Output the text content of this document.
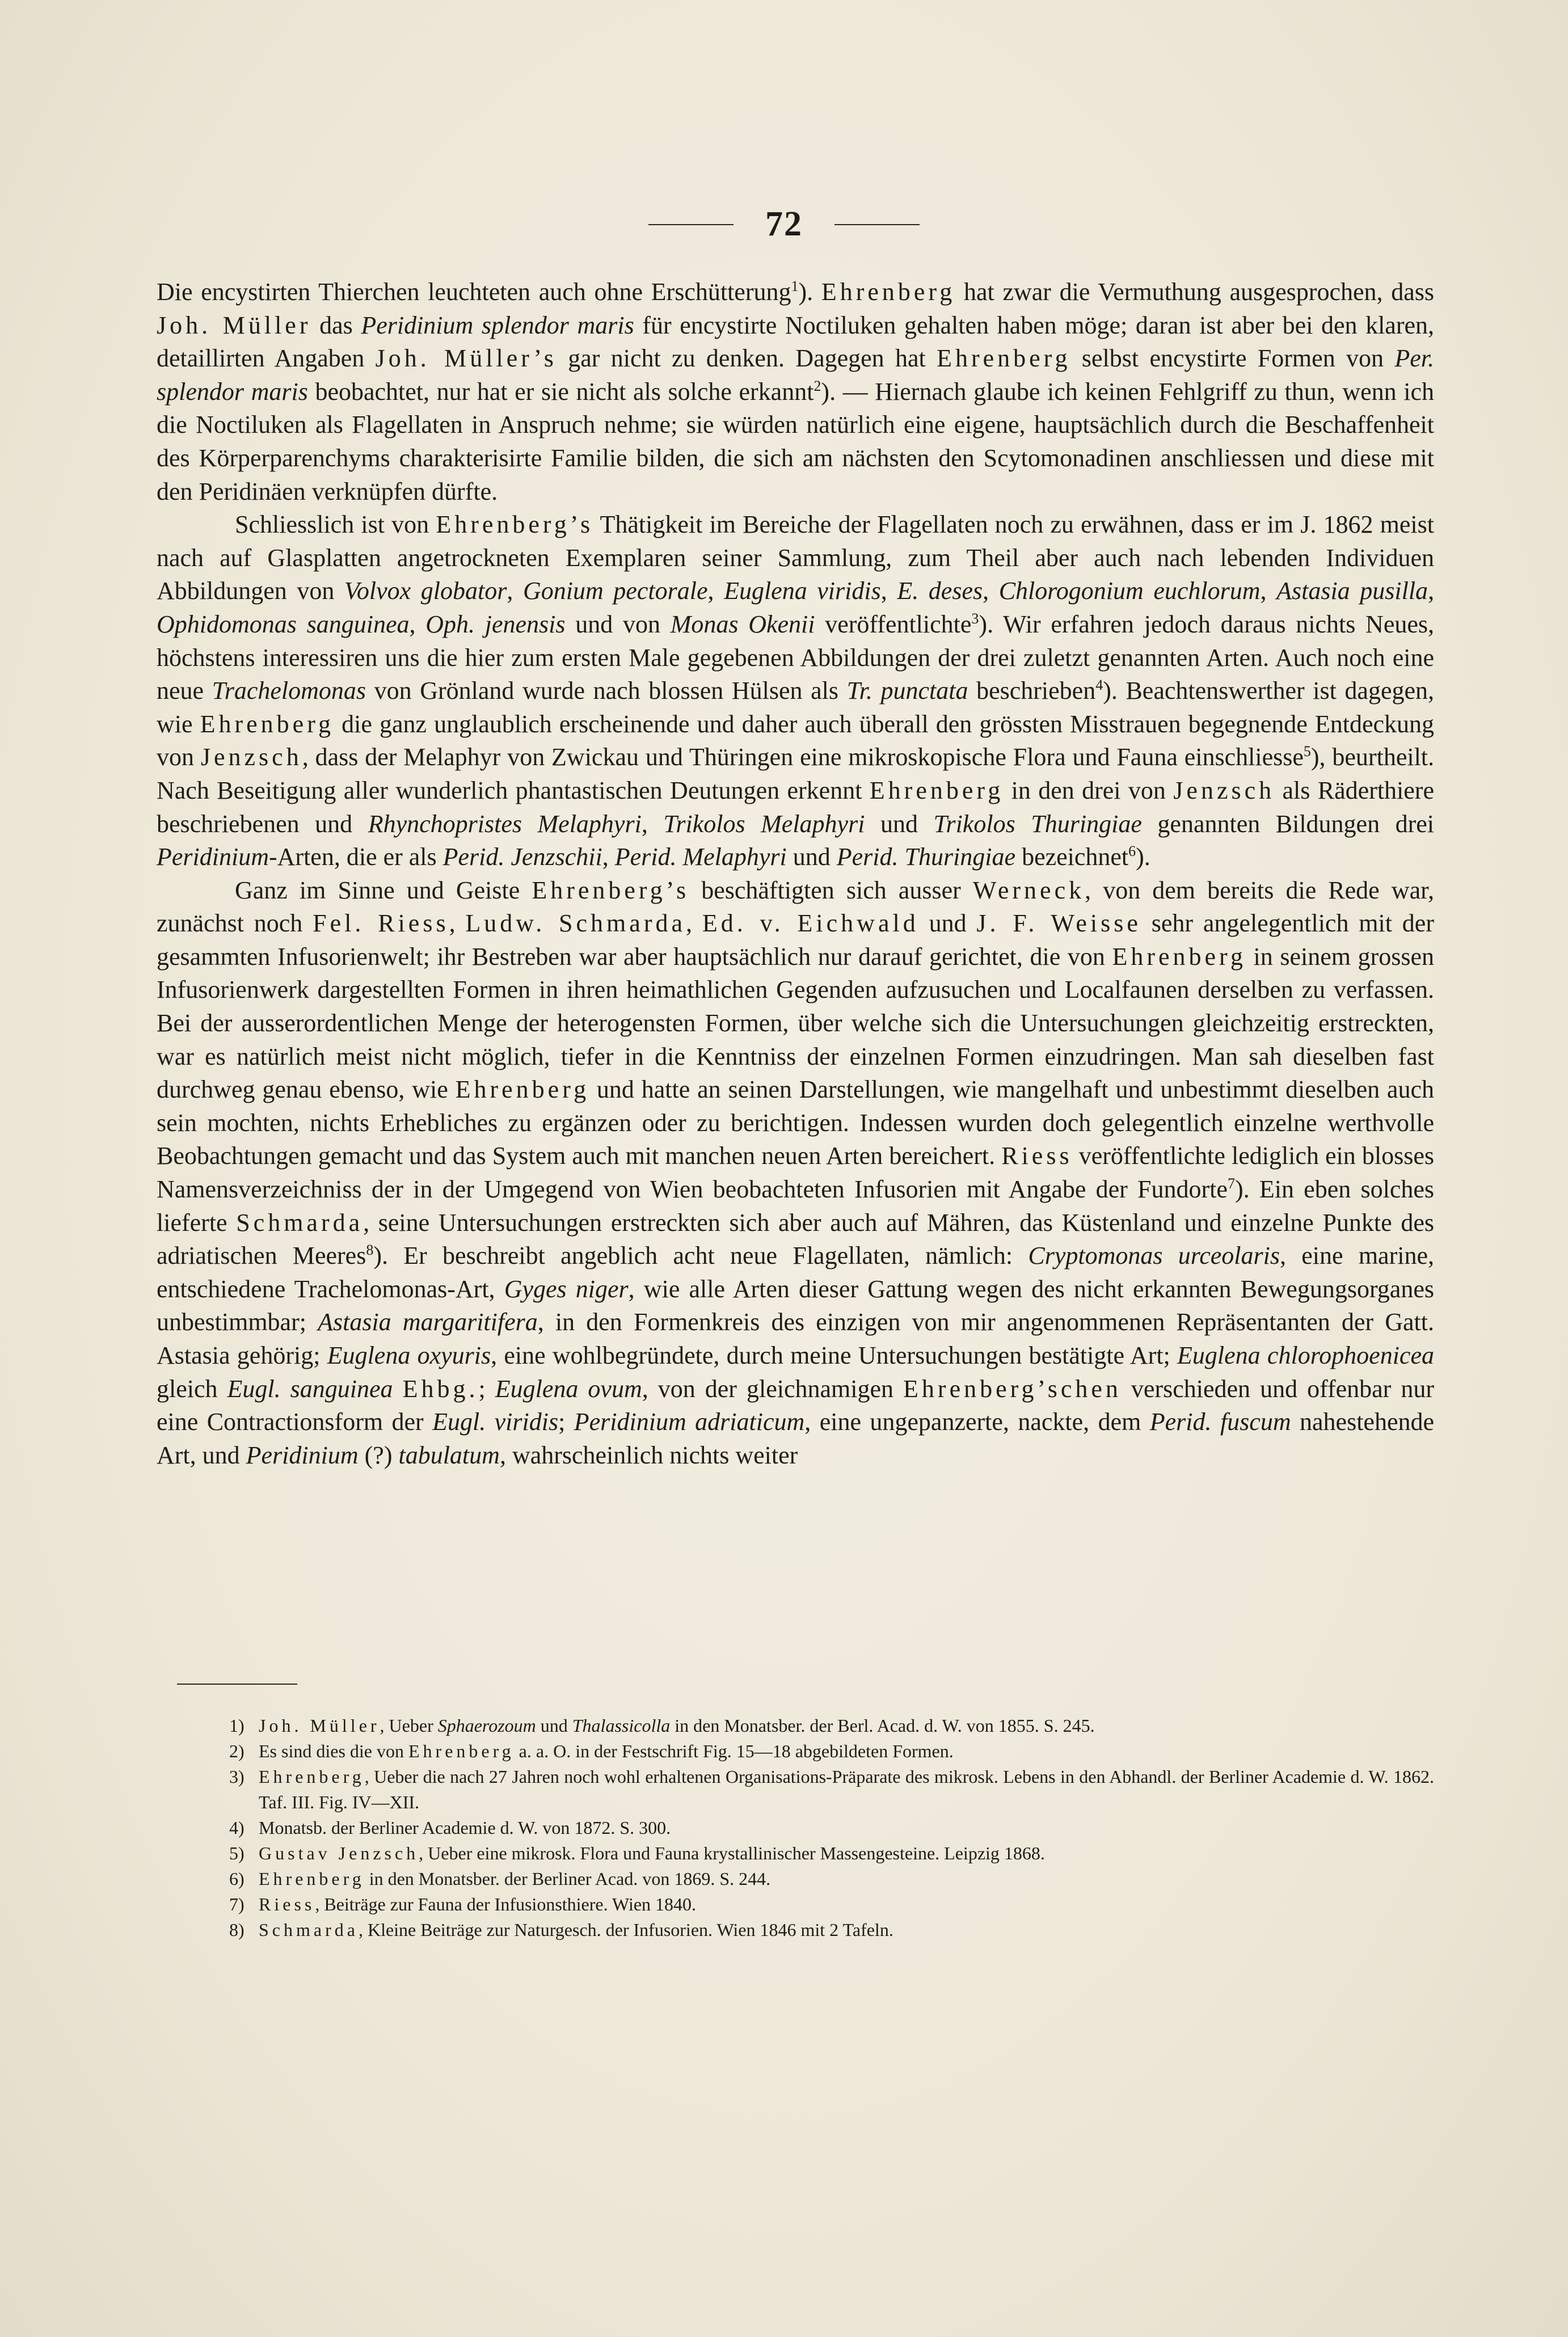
72

Die encystirten Thierchen leuchteten auch ohne Erschütterung$^1$). Ehrenberg hat zwar die Vermuthung ausgesprochen, dass Joh. Müller das Peridinium splendor maris für encystirte Noctiluken gehalten haben möge; daran ist aber bei den klaren, detaillirten Angaben Joh. Müller’s gar nicht zu denken. Dagegen hat Ehrenberg selbst encystirte Formen von Per. splendor maris beobachtet, nur hat er sie nicht als solche erkannt$^2$). — Hiernach glaube ich keinen Fehlgriff zu thun, wenn ich die Noctiluken als Flagellaten in Anspruch nehme; sie würden natürlich eine eigene, hauptsächlich durch die Beschaffenheit des Körperparenchyms charakterisirte Familie bilden, die sich am nächsten den Scytomonadinen anschliessen und diese mit den Peridinäen verknüpfen dürfte.

Schliesslich ist von Ehrenberg’s Thätigkeit im Bereiche der Flagellaten noch zu erwähnen, dass er im J. 1862 meist nach auf Glasplatten angetrockneten Exemplaren seiner Sammlung, zum Theil aber auch nach lebenden Individuen Abbildungen von Volvox globator, Gonium pectorale, Euglena viridis, E. deses, Chlorogonium euchlorum, Astasia pusilla, Ophidomonas sanguinea, Oph. jenensis und von Monas Okenii veröffentlichte$^3$). Wir erfahren jedoch daraus nichts Neues, höchstens interessiren uns die hier zum ersten Male gegebenen Abbildungen der drei zuletzt genannten Arten. Auch noch eine neue Trachelomonas von Grönland wurde nach blossen Hülsen als Tr. punctata beschrieben$^4$). Beachtenswerther ist dagegen, wie Ehrenberg die ganz unglaublich erscheinende und daher auch überall den grössten Misstrauen begegnende Entdeckung von Jenzsch, dass der Melaphyr von Zwickau und Thüringen eine mikroskopische Flora und Fauna einschliesse$^5$), beurtheilt. Nach Beseitigung aller wunderlich phantastischen Deutungen erkennt Ehrenberg in den drei von Jenzsch als Räderthiere beschriebenen und Rhynchopristes Melaphyri, Trikolos Melaphyri und Trikolos Thuringiae genannten Bildungen drei Peridinium-Arten, die er als Perid. Jenzschii, Perid. Melaphyri und Perid. Thuringiae bezeichnet$^6$).

Ganz im Sinne und Geiste Ehrenberg’s beschäftigten sich ausser Werneck, von dem bereits die Rede war, zunächst noch Fel. Riess, Ludw. Schmarda, Ed. v. Eichwald und J. F. Weisse sehr angelegentlich mit der gesammten Infusorienwelt; ihr Bestreben war aber hauptsächlich nur darauf gerichtet, die von Ehrenberg in seinem grossen Infusorienwerk dargestellten Formen in ihren heimathlichen Gegenden aufzusuchen und Localfaunen derselben zu verfassen. Bei der ausserordentlichen Menge der heterogensten Formen, über welche sich die Untersuchungen gleichzeitig erstreckten, war es natürlich meist nicht möglich, tiefer in die Kenntniss der einzelnen Formen einzudringen. Man sah dieselben fast durchweg genau ebenso, wie Ehrenberg und hatte an seinen Darstellungen, wie mangelhaft und unbestimmt dieselben auch sein mochten, nichts Erhebliches zu ergänzen oder zu berichtigen. Indessen wurden doch gelegentlich einzelne werthvolle Beobachtungen gemacht und das System auch mit manchen neuen Arten bereichert. Riess veröffentlichte lediglich ein blosses Namensverzeichniss der in der Umgegend von Wien beobachteten Infusorien mit Angabe der Fundorte$^7$). Ein eben solches lieferte Schmarda, seine Untersuchungen erstreckten sich aber auch auf Mähren, das Küstenland und einzelne Punkte des adriatischen Meeres$^8$). Er beschreibt angeblich acht neue Flagellaten, nämlich: Cryptomonas urceolaris, eine marine, entschiedene Trachelomonas-Art, Gyges niger, wie alle Arten dieser Gattung wegen des nicht erkannten Bewegungsorganes unbestimmbar; Astasia margaritifera, in den Formenkreis des einzigen von mir angenommenen Repräsentanten der Gatt. Astasia gehörig; Euglena oxyuris, eine wohlbegründete, durch meine Untersuchungen bestätigte Art; Euglena chlorophoenicea gleich Eugl. sanguinea Ehbg.; Euglena ovum, von der gleichnamigen Ehrenberg’schen verschieden und offenbar nur eine Contractionsform der Eugl. viridis; Peridinium adriaticum, eine ungepanzerte, nackte, dem Perid. fuscum nahestehende Art, und Peridinium (?) tabulatum, wahrscheinlich nichts weiter

1) Joh. Müller, Ueber Sphaerozoum und Thalassicolla in den Monatsber. der Berl. Acad. d. W. von 1855. S. 245.
2) Es sind dies die von Ehrenberg a. a. O. in der Festschrift Fig. 15—18 abgebildeten Formen.
3) Ehrenberg, Ueber die nach 27 Jahren noch wohl erhaltenen Organisations-Präparate des mikrosk. Lebens in den Abhandl. der Berliner Academie d. W. 1862. Taf. III. Fig. IV—XII.
4) Monatsb. der Berliner Academie d. W. von 1872. S. 300.
5) Gustav Jenzsch, Ueber eine mikrosk. Flora und Fauna krystallinischer Massengesteine. Leipzig 1868.
6) Ehrenberg in den Monatsber. der Berliner Acad. von 1869. S. 244.
7) Riess, Beiträge zur Fauna der Infusionsthiere. Wien 1840.
8) Schmarda, Kleine Beiträge zur Naturgesch. der Infusorien. Wien 1846 mit 2 Tafeln.
